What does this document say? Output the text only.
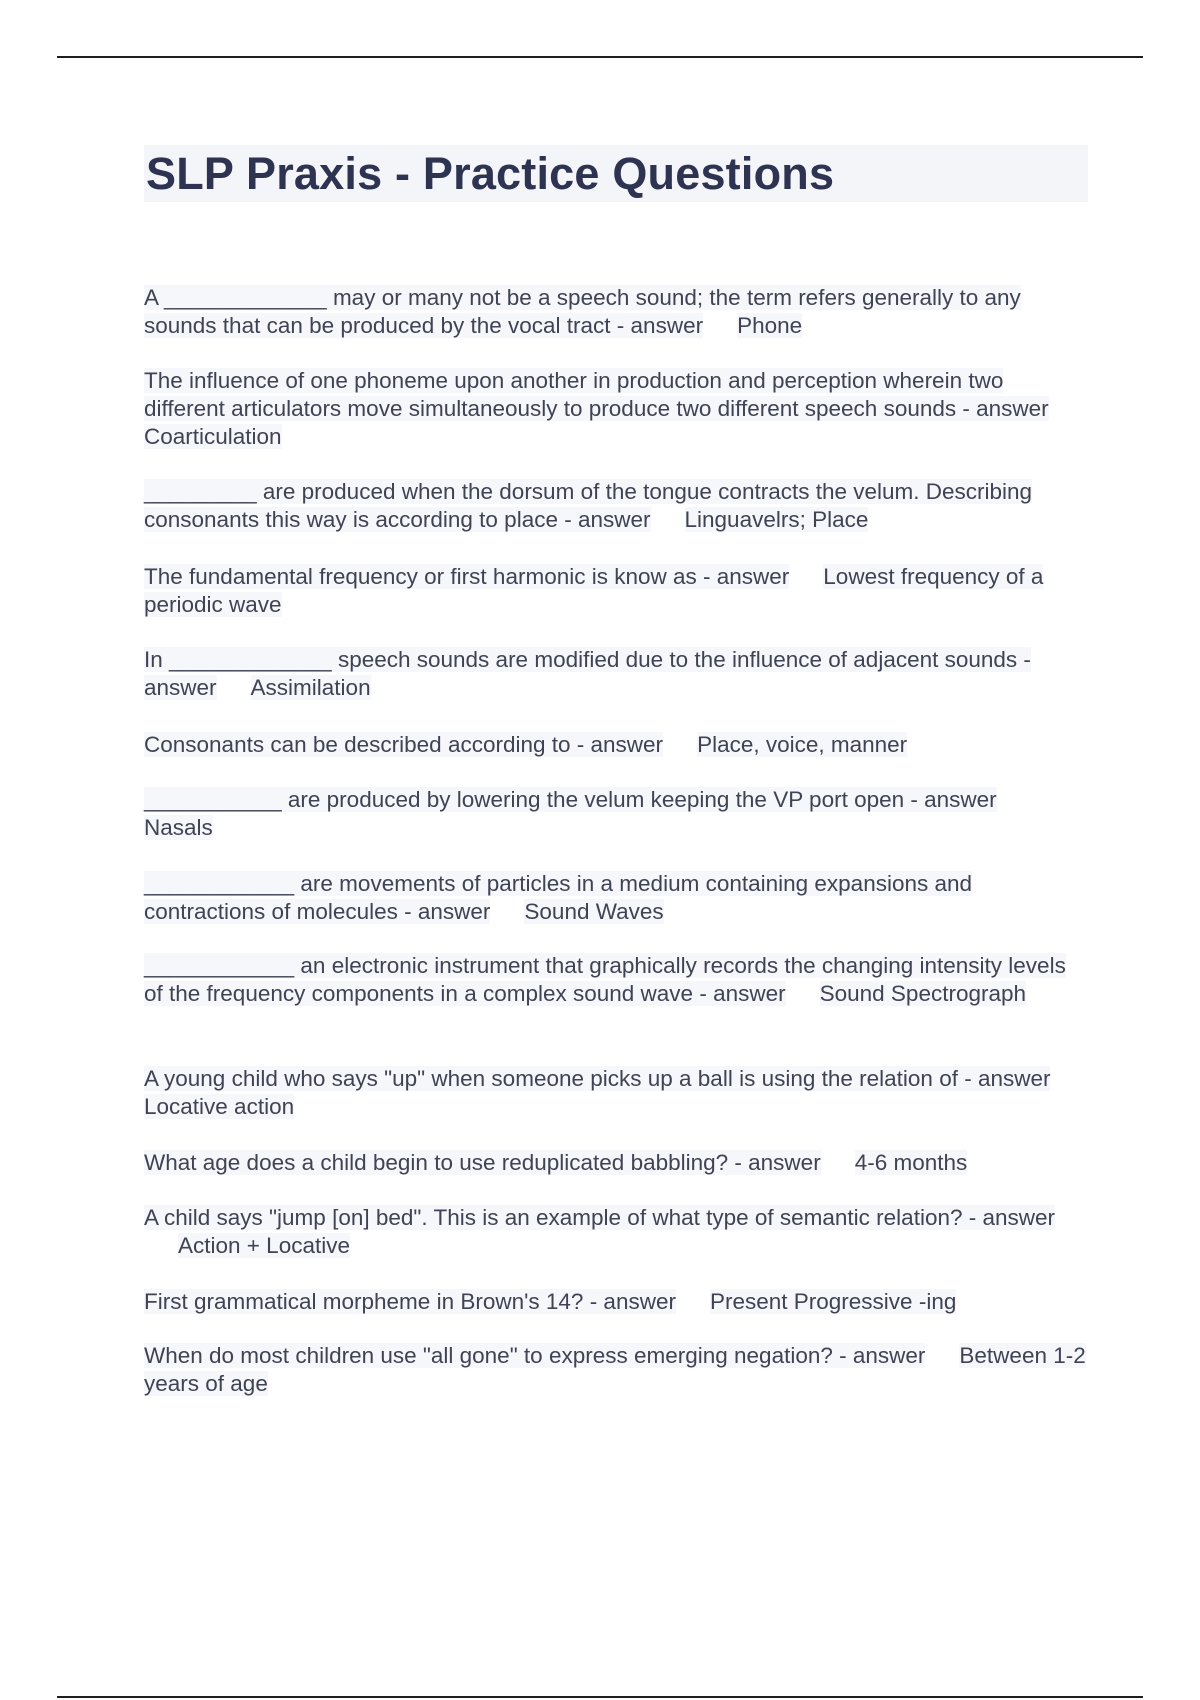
SLP Praxis - Practice Questions

A _____________ may or many not be a speech sound; the term refers generally to any sounds that can be produced by the vocal tract - answer Phone

The influence of one phoneme upon another in production and perception wherein two different articulators move simultaneously to produce two different speech sounds - answerCoarticulation

_________ are produced when the dorsum of the tongue contracts the velum. Describing consonants this way is according to place - answer Linguavelrs; Place

The fundamental frequency or first harmonic is know as - answer Lowest frequency of a periodic wave

In _____________ speech sounds are modified due to the influence of adjacent sounds - answer Assimilation

Consonants can be described according to - answer Place, voice, manner

___________ are produced by lowering the velum keeping the VP port open - answerNasals

____________ are movements of particles in a medium containing expansions and contractions of molecules - answer Sound Waves

____________ an electronic instrument that graphically records the changing intensity levels of the frequency components in a complex sound wave - answer Sound Spectrograph

A young child who says "up" when someone picks up a ball is using the relation of - answerLocative action

What age does a child begin to use reduplicated babbling? - answer 4-6 months

A child says "jump [on] bed". This is an example of what type of semantic relation? - answerAction + Locative

First grammatical morpheme in Brown's 14? - answer Present Progressive -ing

When do most children use "all gone" to express emerging negation? - answer Between 1-2 years of age
